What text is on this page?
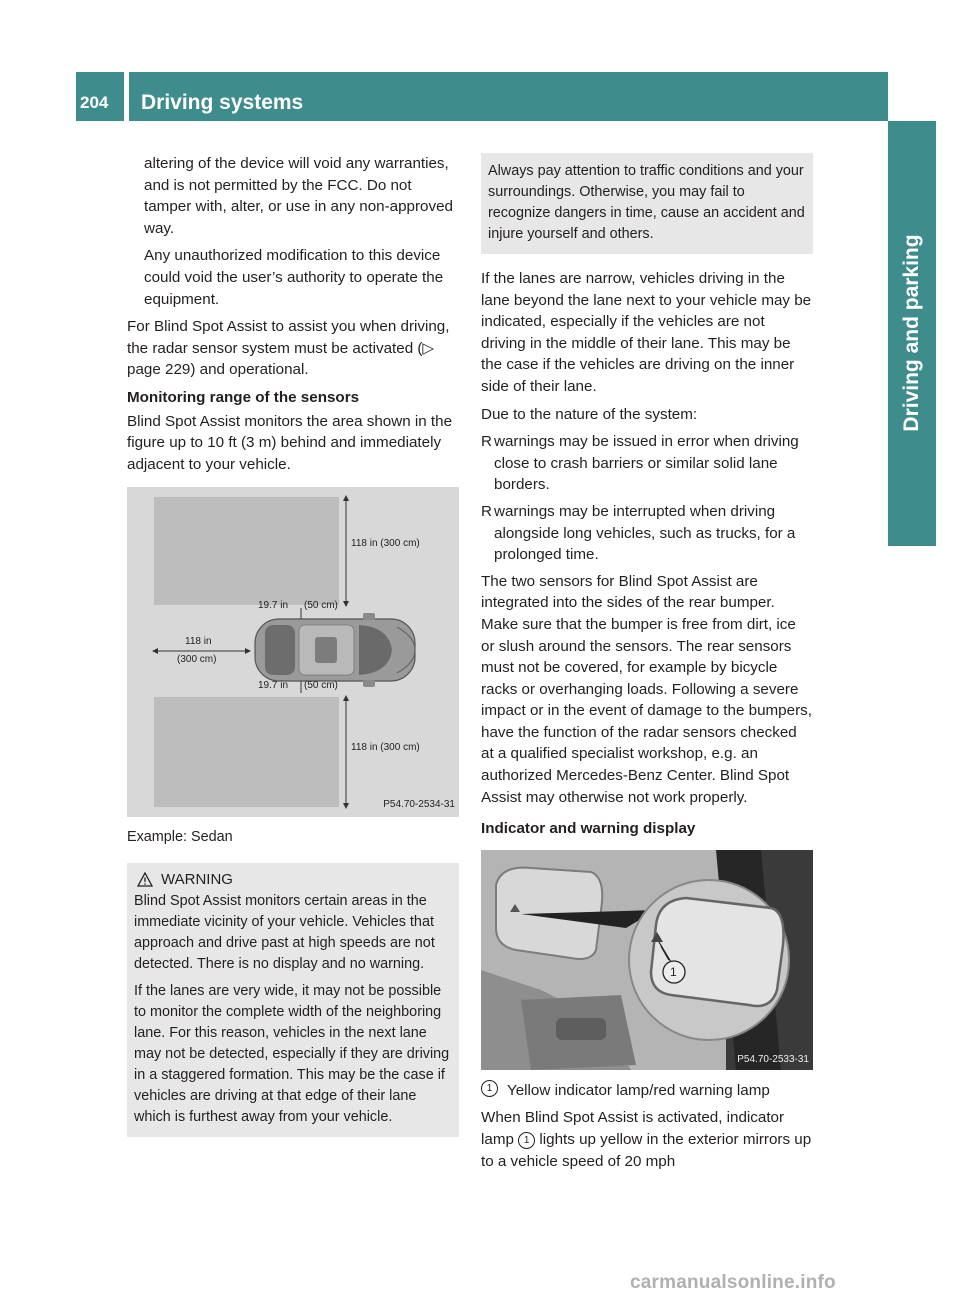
204	Driving systems
Driving and parking

altering of the device will void any warranties, and is not permitted by the FCC. Do not tamper with, alter, or use in any non-approved way.

Any unauthorized modification to this device could void the user’s authority to operate the equipment.

For Blind Spot Assist to assist you when driving, the radar sensor system must be activated (▷ page 229) and operational.

Monitoring range of the sensors

Blind Spot Assist monitors the area shown in the figure up to 10 ft (3 m) behind and immediately adjacent to your vehicle.

118 in (300 cm)
19.7 in (50 cm)
118 in
(300 cm)
19.7 in (50 cm)
118 in (300 cm)
P54.70-2534-31
Example: Sedan
WARNING

Blind Spot Assist monitors certain areas in the immediate vicinity of your vehicle. Vehicles that approach and drive past at high speeds are not detected. There is no display and no warning.

If the lanes are very wide, it may not be possible to monitor the complete width of the neighboring lane. For this reason, vehicles in the next lane may not be detected, especially if they are driving in a staggered formation. This may be the case if vehicles are driving at that edge of their lane which is furthest away from your vehicle.

Always pay attention to traffic conditions and your surroundings. Otherwise, you may fail to recognize dangers in time, cause an accident and injure yourself and others.

If the lanes are narrow, vehicles driving in the lane beyond the lane next to your vehicle may be indicated, especially if the vehicles are not driving in the middle of their lane. This may be the case if the vehicles are driving on the inner side of their lane.

Due to the nature of the system:

R warnings may be issued in error when driving close to crash barriers or similar solid lane borders.
R warnings may be interrupted when driving alongside long vehicles, such as trucks, for a prolonged time.

The two sensors for Blind Spot Assist are integrated into the sides of the rear bumper. Make sure that the bumper is free from dirt, ice or slush around the sensors. The rear sensors must not be covered, for example by bicycle racks or overhanging loads. Following a severe impact or in the event of damage to the bumpers, have the function of the radar sensors checked at a qualified specialist workshop, e.g. an authorized Mercedes-Benz Center. Blind Spot Assist may otherwise not work properly.

Indicator and warning display

1
P54.70-2533-31

1 Yellow indicator lamp/red warning lamp

When Blind Spot Assist is activated, indicator lamp 1 lights up yellow in the exterior mirrors up to a vehicle speed of 20 mph

carmanualsonline.info
